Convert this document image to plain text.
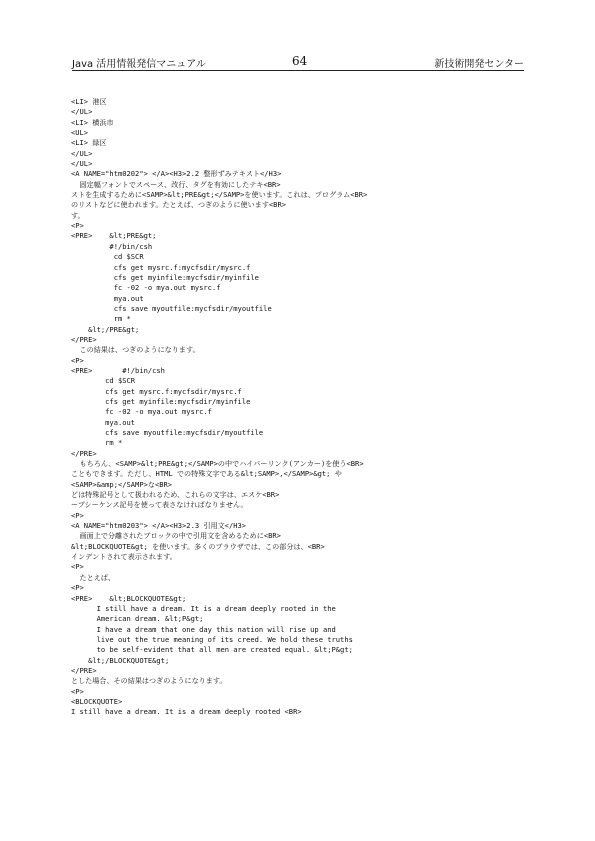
Java 活用情報発信マニュアル	64	新技術開発センター
<LI> 港区
</UL>
<LI> 横浜市
<UL>
<LI> 緑区
</UL>
</UL>
<A NAME="htm0202"> </A><H3>2.2 整形ずみテキスト</H3>
固定幅フォントでスペース、改行、タグを有効にしたテキ<BR>
ストを生成するために<SAMP>&lt;PRE&gt;</SAMP>を使います。これは、プログラム<BR>
のリストなどに使われます。たとえば、つぎのように使います<BR>
す。
<P>
<PRE>    &lt;PRE&gt;
#!/bin/csh
cd $SCR
cfs get mysrc.f:mycfsdir/mysrc.f
cfs get myinfile:mycfsdir/myinfile
fc -02 -o mya.out mysrc.f
mya.out
cfs save myoutfile:mycfsdir/myoutfile
rm *
&lt;/PRE&gt;
</PRE>
この結果は、つぎのようになります。
<P>
<PRE>       #!/bin/csh
cd $SCR
cfs get mysrc.f:mycfsdir/mysrc.f
cfs get myinfile:mycfsdir/myinfile
fc -02 -o mya.out mysrc.f
mya.out
cfs save myoutfile:mycfsdir/myoutfile
rm *
</PRE>
もちろん、<SAMP>&lt;PRE&gt;</SAMP>の中でハイパーリンク(アンカー)を使う<BR>
こともできます。ただし、HTML での特殊文字である&lt;SAMP>,</SAMP>&gt; や
<SAMP>&amp;</SAMP>な<BR>
どは特殊記号として扱われるため、これらの文字は、エスケ<BR>
ープシーケンス記号を使って表さなければなりません。
<P>
<A NAME="htm0203"> </A><H3>2.3 引用文</H3>
画面上で分離されたブロックの中で引用文を含めるために<BR>
&lt;BLOCKQUOTE&gt; を使います。多くのブラウザでは、この部分は、<BR>
インデントされて表示されます。
<P>
たとえば、
<P>
<PRE>    &lt;BLOCKQUOTE&gt;
I still have a dream. It is a dream deeply rooted in the
American dream. &lt;P&gt;
I have a dream that one day this nation will rise up and
live out the true meaning of its creed. We hold these truths
to be self-evident that all men are created equal. &lt;P&gt;
&lt;/BLOCKQUOTE&gt;
</PRE>
とした場合、その結果はつぎのようになります。
<P>
<BLOCKQUOTE>
I still have a dream. It is a dream deeply rooted <BR>
